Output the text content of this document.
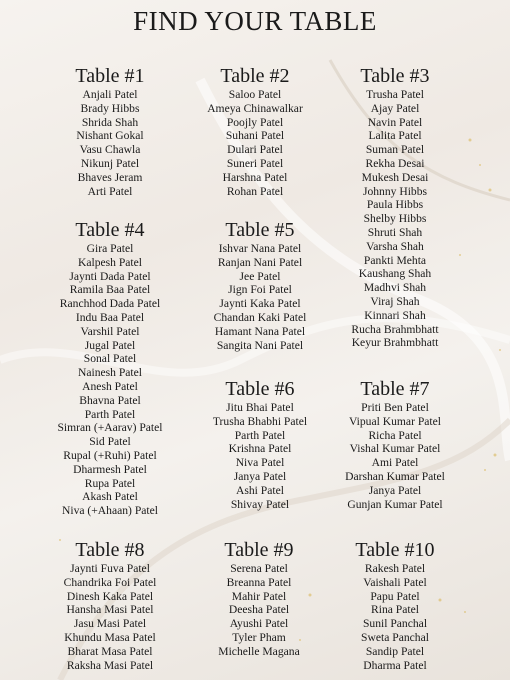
FIND YOUR TABLE
Table #1
Anjali Patel
Brady Hibbs
Shrida Shah
Nishant Gokal
Vasu Chawla
Nikunj Patel
Bhaves Jeram
Arti Patel
Table #2
Saloo Patel
Ameya Chinawalkar
Poojly Patel
Suhani Patel
Dulari Patel
Suneri Patel
Harshna Patel
Rohan Patel
Table #3
Trusha Patel
Ajay Patel
Navin Patel
Lalita Patel
Suman Patel
Rekha Desai
Mukesh Desai
Johnny Hibbs
Paula Hibbs
Shelby Hibbs
Shruti Shah
Varsha Shah
Pankti Mehta
Kaushang Shah
Madhvi Shah
Viraj Shah
Kinnari Shah
Rucha Brahmbhatt
Keyur Brahmbhatt
Table #4
Gira Patel
Kalpesh Patel
Jaynti Dada Patel
Ramila Baa Patel
Ranchhod Dada Patel
Indu Baa Patel
Varshil Patel
Jugal Patel
Sonal Patel
Nainesh Patel
Anesh Patel
Bhavna Patel
Parth Patel
Simran (+Aarav) Patel
Sid Patel
Rupal (+Ruhi) Patel
Dharmesh Patel
Rupa Patel
Akash Patel
Niva (+Ahaan) Patel
Table #5
Ishvar Nana Patel
Ranjan Nani Patel
Jee Patel
Jign Foi Patel
Jaynti Kaka Patel
Chandan Kaki Patel
Hamant Nana Patel
Sangita Nani Patel
Table #6
Jitu Bhai Patel
Trusha Bhabhi Patel
Parth Patel
Krishna Patel
Niva Patel
Janya Patel
Ashi Patel
Shivay Patel
Table #7
Priti Ben Patel
Vipual Kumar Patel
Richa Patel
Vishal Kumar Patel
Ami Patel
Darshan Kumar Patel
Janya Patel
Gunjan Kumar Patel
Table #8
Jaynti Fuva Patel
Chandrika Foi Patel
Dinesh Kaka Patel
Hansha Masi Patel
Jasu Masi Patel
Khundu Masa Patel
Bharat Masa Patel
Raksha Masi Patel
Table #9
Serena Patel
Breanna Patel
Mahir Patel
Deesha Patel
Ayushi Patel
Tyler Pham
Michelle Magana
Table #10
Rakesh Patel
Vaishali Patel
Papu Patel
Rina Patel
Sunil Panchal
Sweta Panchal
Sandip Patel
Dharma Patel
